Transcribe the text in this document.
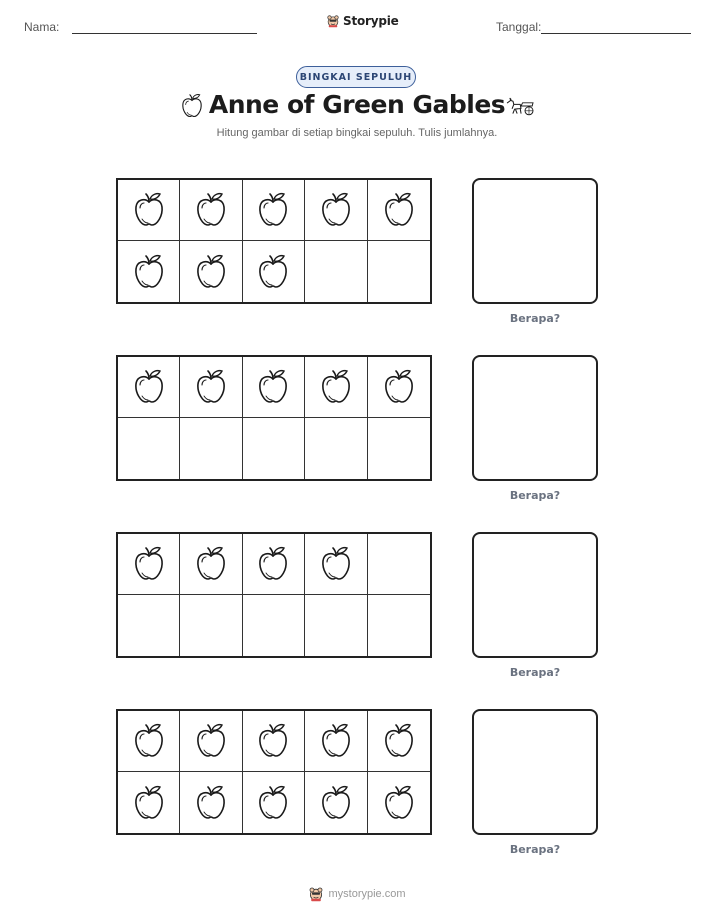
Nama:	Storypie	Tanggal:
BINGKAI SEPULUH
Anne of Green Gables
Hitung gambar di setiap bingkai sepuluh. Tulis jumlahnya.
Berapa?
Berapa?
Berapa?
Berapa?
mystorypie.com
